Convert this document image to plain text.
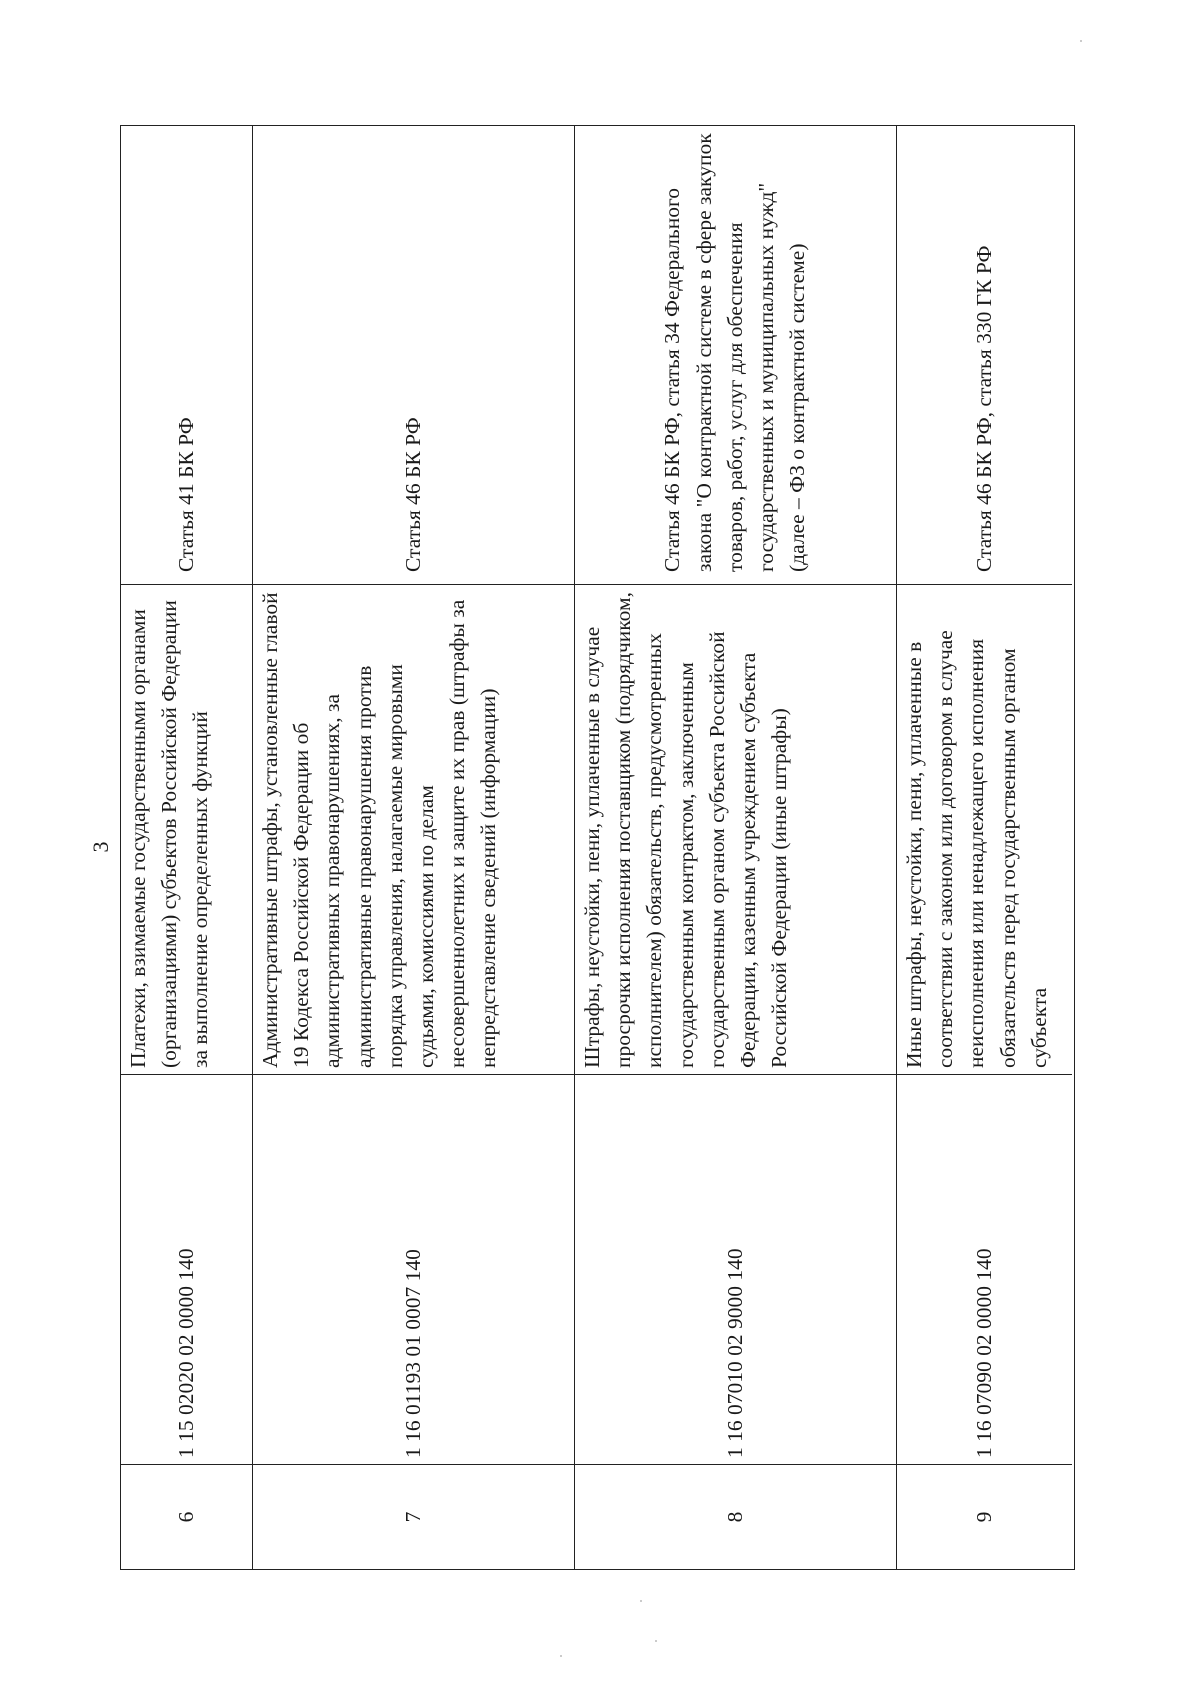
3
6
1 15 02020 02 0000 140
Платежи, взимаемые государственными органами (организациями) субъектов Российской Федерации за выполнение определенных функций
Статья 41 БК РФ
7
1 16 01193 01 0007 140
Административные штрафы, установленные главой 19 Кодекса Российской Федерации об административных правонарушениях, за административные правонарушения против порядка управления, налагаемые мировыми судьями, комиссиями по делам несовершеннолетних и защите их прав (штрафы за непредставление сведений (информации)
Статья 46 БК РФ
8
1 16 07010 02 9000 140
Штрафы, неустойки, пени, уплаченные в случае просрочки исполнения поставщиком (подрядчиком, исполнителем) обязательств, предусмотренных государственным контрактом, заключенным государственным органом субъекта Российской Федерации, казенным учреждением субъекта Российской Федерации (иные штрафы)
Статья 46 БК РФ, статья 34 Федерального закона "О контрактной системе в сфере закупок товаров, работ, услуг для обеспечения государственных и муниципальных нужд" (далее – ФЗ о контрактной системе)
9
1 16 07090 02 0000 140
Иные штрафы, неустойки, пени, уплаченные в соответствии с законом или договором в случае неисполнения или ненадлежащего исполнения обязательств перед государственным органом субъекта
Статья 46 БК РФ, статья 330 ГК РФ
